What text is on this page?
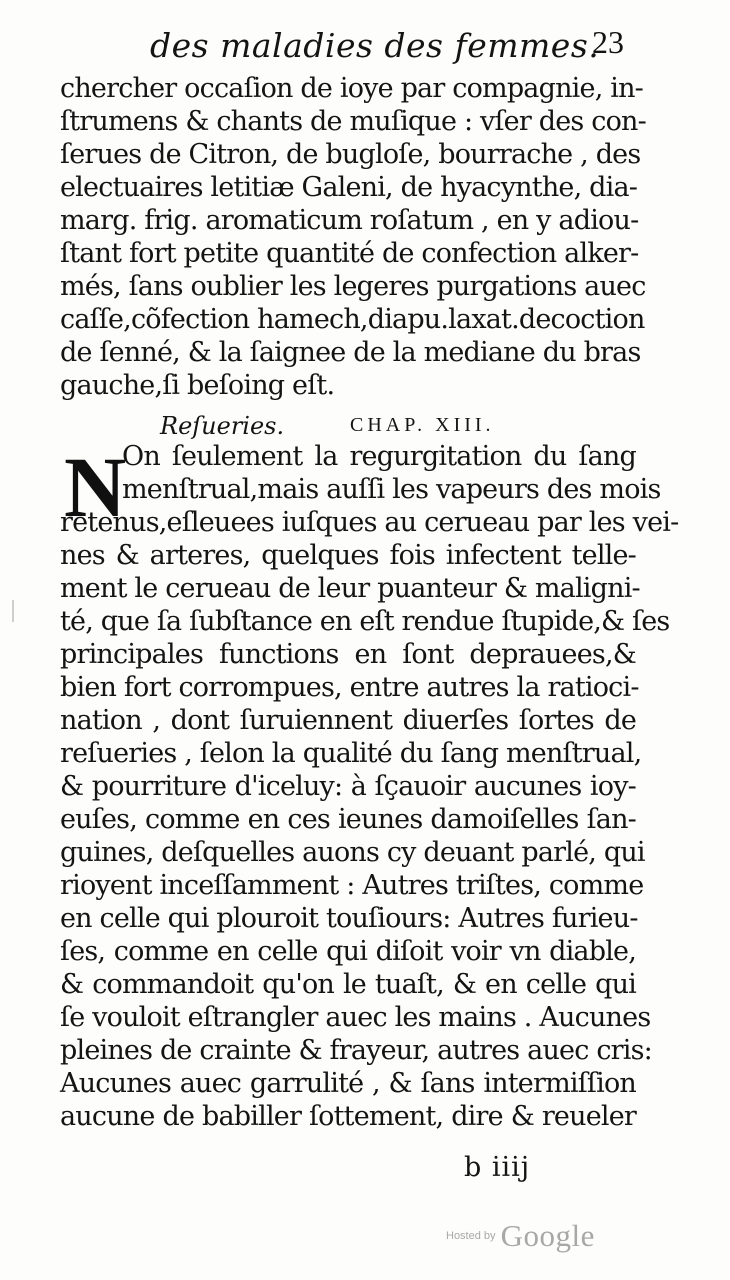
des maladies des femmes.
23
chercher occaſion de ioye par compagnie, in-
ſtrumens & chants de muſique : vſer des con-
ſerues de Citron, de bugloſe, bourrache , des
electuaires letitiæ Galeni, de hyacynthe, dia-
marg. frig. aromaticum roſatum , en y adiou-
ſtant fort petite quantité de confection alker-
més, ſans oublier les legeres purgations auec
caſſe,cõfection hamech,diapu.laxat.decoction
de ſenné, & la ſaignee de la mediane du bras
gauche,ſi beſoing eſt.
Reſueries.	CHAP. XIII.
N
On ſeulement la regurgitation du ſang
menſtrual,mais auſſi les vapeurs des mois
retenus,eſleuees iuſques au cerueau par les vei-
nes & arteres, quelques fois infectent telle-
ment le cerueau de leur puanteur & maligni-
té, que ſa ſubſtance en eſt rendue ſtupide,& ſes
principales functions en ſont deprauees,&
bien fort corrompues, entre autres la ratioci-
nation , dont ſuruiennent diuerſes ſortes de
reſueries , ſelon la qualité du ſang menſtrual,
& pourriture d'iceluy: à ſçauoir aucunes ioy-
euſes, comme en ces ieunes damoiſelles ſan-
guines, deſquelles auons cy deuant parlé, qui
rioyent inceſſamment : Autres triſtes, comme
en celle qui plouroit touſiours: Autres furieu-
ſes, comme en celle qui diſoit voir vn diable,
& commandoit qu'on le tuaſt, & en celle qui
ſe vouloit eſtrangler auec les mains . Aucunes
pleines de crainte & frayeur, autres auec cris:
Aucunes auec garrulité , & ſans intermiſſion
aucune de babiller ſottement, dire & reueler
b iiij
Hosted by Google
